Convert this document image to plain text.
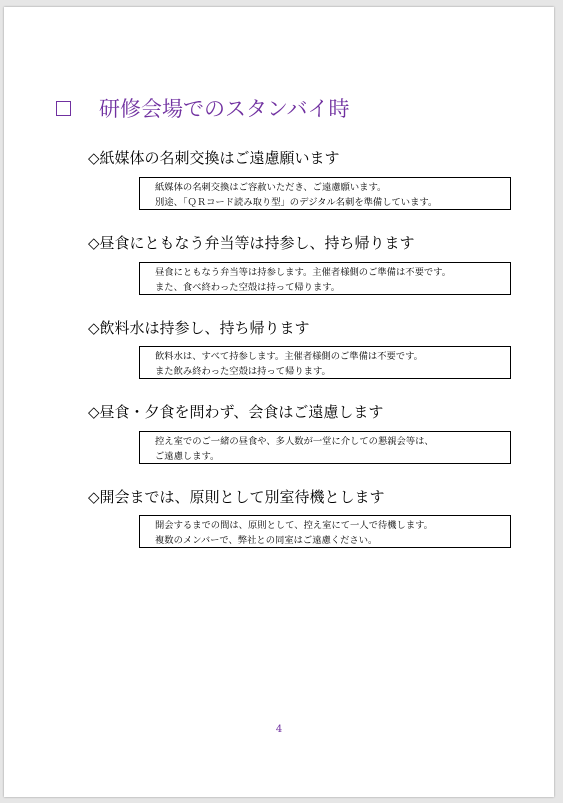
研修会場でのスタンバイ時
◇紙媒体の名刺交換はご遠慮願います
紙媒体の名刺交換はご容赦いただき、ご遠慮願います。
別途、「ＱＲコード読み取り型」のデジタル名刺を準備しています。
◇昼食にともなう弁当等は持参し、持ち帰ります
昼食にともなう弁当等は持参します。主催者様側のご準備は不要です。
また、食べ終わった空殻は持って帰ります。
◇飲料水は持参し、持ち帰ります
飲料水は、すべて持参します。主催者様側のご準備は不要です。
また飲み終わった空殻は持って帰ります。
◇昼食・夕食を問わず、会食はご遠慮します
控え室でのご一緒の昼食や、多人数が一堂に介しての懇親会等は、
ご遠慮します。
◇開会までは、原則として別室待機とします
開会するまでの間は、原則として、控え室にて一人で待機します。
複数のメンバーで、弊社との同室はご遠慮ください。
4
